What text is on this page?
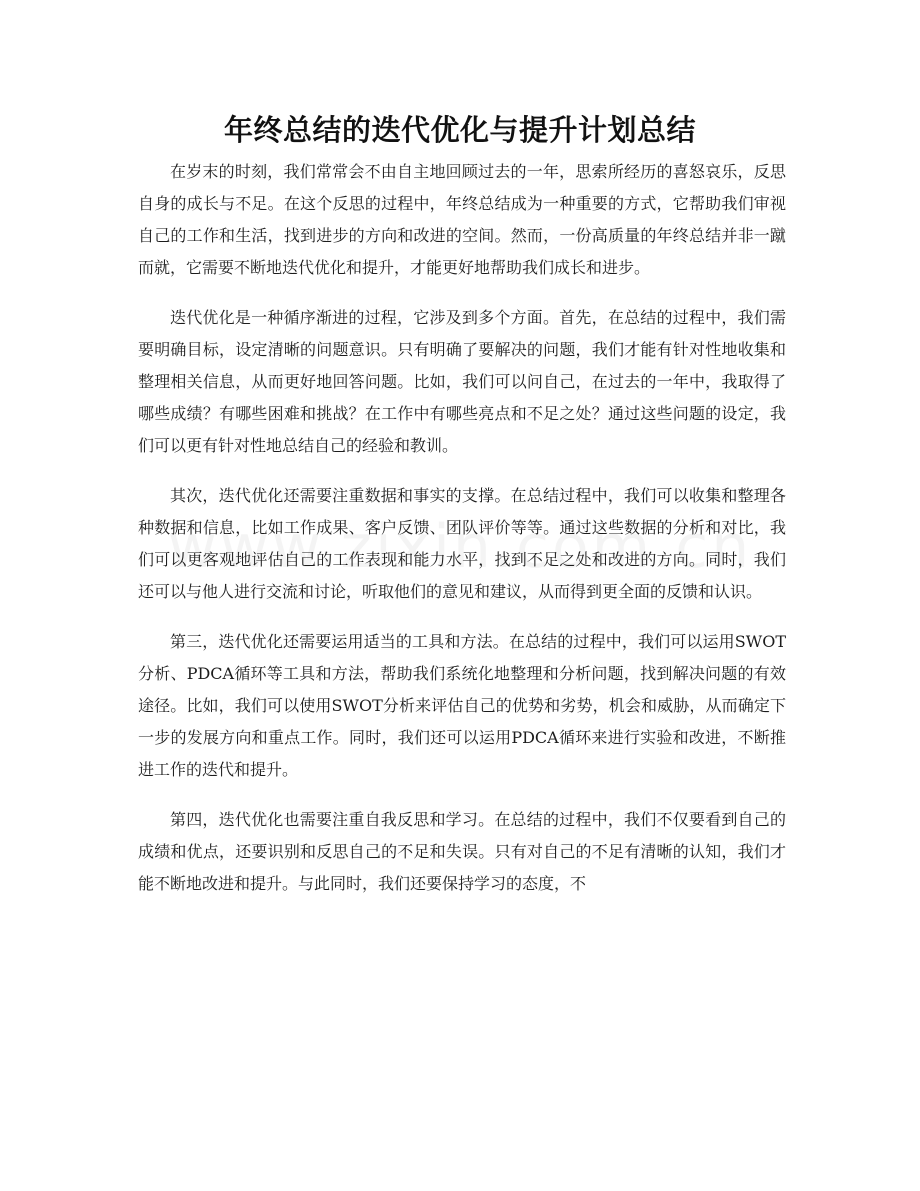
年终总结的迭代优化与提升计划总结

在岁末的时刻，我们常常会不由自主地回顾过去的一年，思索所经历的喜怒哀乐，反思自身的成长与不足。在这个反思的过程中，年终总结成为一种重要的方式，它帮助我们审视自己的工作和生活，找到进步的方向和改进的空间。然而，一份高质量的年终总结并非一蹴而就，它需要不断地迭代优化和提升，才能更好地帮助我们成长和进步。

迭代优化是一种循序渐进的过程，它涉及到多个方面。首先，在总结的过程中，我们需要明确目标，设定清晰的问题意识。只有明确了要解决的问题，我们才能有针对性地收集和整理相关信息，从而更好地回答问题。比如，我们可以问自己，在过去的一年中，我取得了哪些成绩？有哪些困难和挑战？在工作中有哪些亮点和不足之处？通过这些问题的设定，我们可以更有针对性地总结自己的经验和教训。

其次，迭代优化还需要注重数据和事实的支撑。在总结过程中，我们可以收集和整理各种数据和信息，比如工作成果、客户反馈、团队评价等等。通过这些数据的分析和对比，我们可以更客观地评估自己的工作表现和能力水平，找到不足之处和改进的方向。同时，我们还可以与他人进行交流和讨论，听取他们的意见和建议，从而得到更全面的反馈和认识。

第三，迭代优化还需要运用适当的工具和方法。在总结的过程中，我们可以运用SWOT分析、PDCA循环等工具和方法，帮助我们系统化地整理和分析问题，找到解决问题的有效途径。比如，我们可以使用SWOT分析来评估自己的优势和劣势，机会和威胁，从而确定下一步的发展方向和重点工作。同时，我们还可以运用PDCA循环来进行实验和改进，不断推进工作的迭代和提升。

第四，迭代优化也需要注重自我反思和学习。在总结的过程中，我们不仅要看到自己的成绩和优点，还要识别和反思自己的不足和失误。只有对自己的不足有清晰的认知，我们才能不断地改进和提升。与此同时，我们还要保持学习的态度，不
